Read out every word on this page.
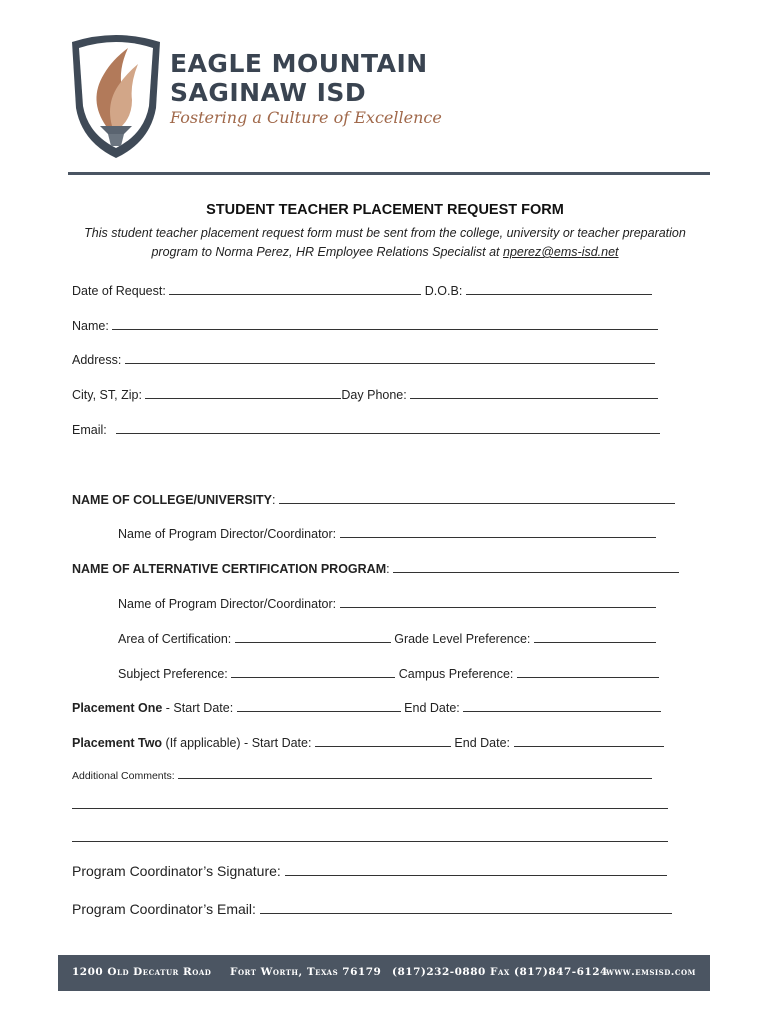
EAGLE MOUNTAIN
SAGINAW ISD
Fostering a Culture of Excellence
STUDENT TEACHER PLACEMENT REQUEST FORM
This student teacher placement request form must be sent from the college, university or teacher preparation
program to Norma Perez, HR Employee Relations Specialist at nperez@ems-isd.net
Date of Request:	D.O.B:
Name:
Address:
City, ST, Zip:	Day Phone:
Email:
NAME OF COLLEGE/UNIVERSITY:
Name of Program Director/Coordinator:
NAME OF ALTERNATIVE CERTIFICATION PROGRAM:
Name of Program Director/Coordinator:
Area of Certification:	Grade Level Preference:
Subject Preference:	Campus Preference:
Placement One - Start Date:	End Date:
Placement Two (If applicable) - Start Date:	End Date:
Additional Comments:
Program Coordinator’s Signature:
Program Coordinator’s Email:
1200 Old Decatur Road Fort Worth, Texas 76179 (817)232-0880 Fax (817)847-6124
www.emsisd.com
